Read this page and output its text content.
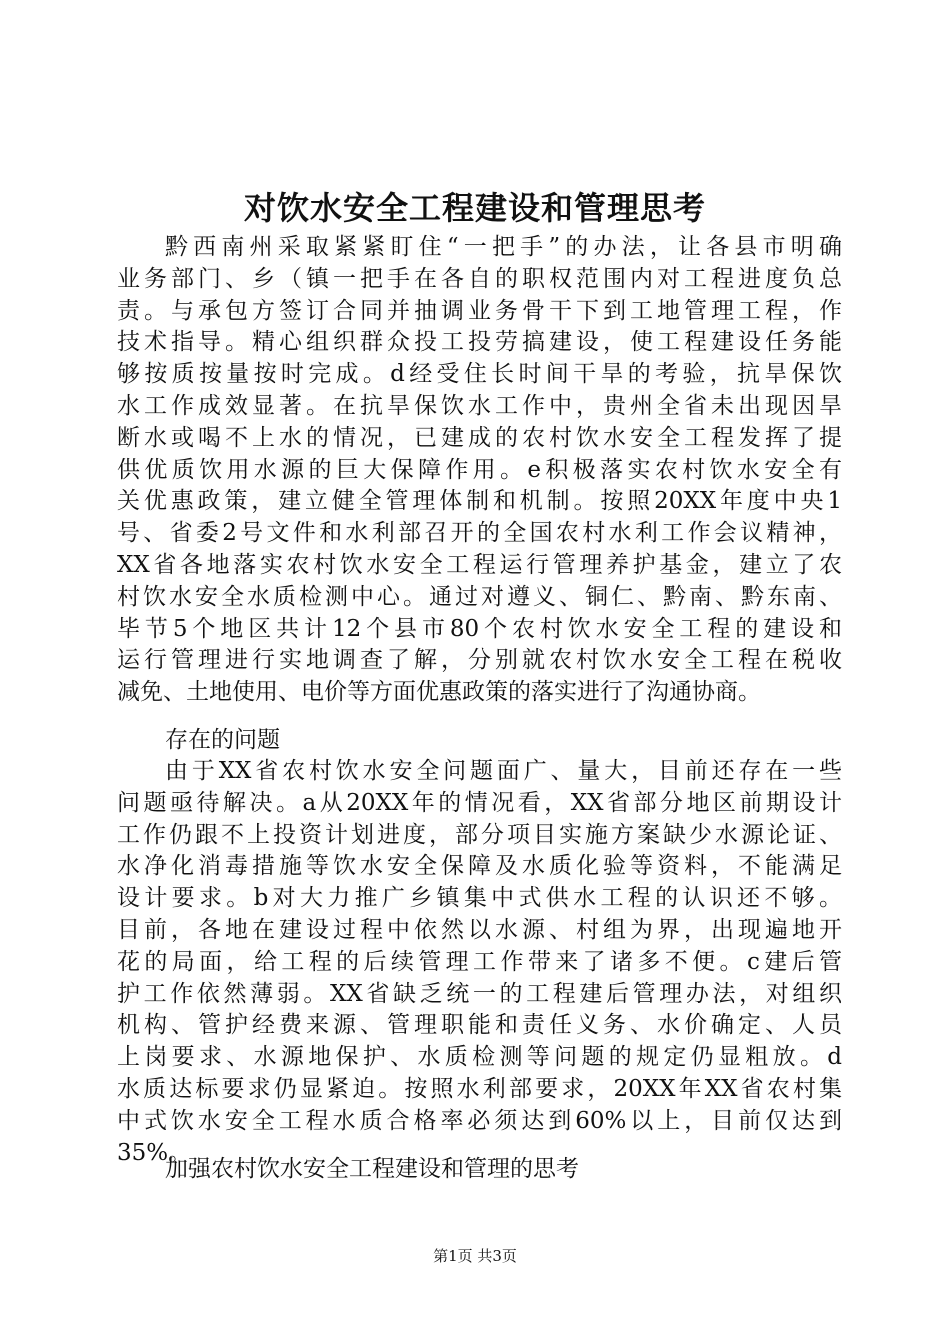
对饮水安全工程建设和管理思考
黔西南州采取紧紧盯住“一把手”的办法，让各县市明确
业务部门、乡（镇一把手在各自的职权范围内对工程进度负总
责。与承包方签订合同并抽调业务骨干下到工地管理工程，作
技术指导。精心组织群众投工投劳搞建设，使工程建设任务能
够按质按量按时完成。d经受住长时间干旱的考验，抗旱保饮
水工作成效显著。在抗旱保饮水工作中，贵州全省未出现因旱
断水或喝不上水的情况，已建成的农村饮水安全工程发挥了提
供优质饮用水源的巨大保障作用。e积极落实农村饮水安全有
关优惠政策，建立健全管理体制和机制。按照20XX年度中央1
号、省委2号文件和水利部召开的全国农村水利工作会议精神，
XX省各地落实农村饮水安全工程运行管理养护基金，建立了农
村饮水安全水质检测中心。通过对遵义、铜仁、黔南、黔东南、
毕节5个地区共计12个县市80个农村饮水安全工程的建设和
运行管理进行实地调查了解，分别就农村饮水安全工程在税收
减免、土地使用、电价等方面优惠政策的落实进行了沟通协商。
存在的问题
由于XX省农村饮水安全问题面广、量大，目前还存在一些
问题亟待解决。a从20XX年的情况看，XX省部分地区前期设计
工作仍跟不上投资计划进度，部分项目实施方案缺少水源论证、
水净化消毒措施等饮水安全保障及水质化验等资料，不能满足
设计要求。b对大力推广乡镇集中式供水工程的认识还不够。
目前，各地在建设过程中依然以水源、村组为界，出现遍地开
花的局面，给工程的后续管理工作带来了诸多不便。c建后管
护工作依然薄弱。XX省缺乏统一的工程建后管理办法，对组织
机构、管护经费来源、管理职能和责任义务、水价确定、人员
上岗要求、水源地保护、水质检测等问题的规定仍显粗放。d
水质达标要求仍显紧迫。按照水利部要求，20XX年XX省农村集
中式饮水安全工程水质合格率必须达到60%以上，目前仅达到
35%。
加强农村饮水安全工程建设和管理的思考
第1页 共3页
